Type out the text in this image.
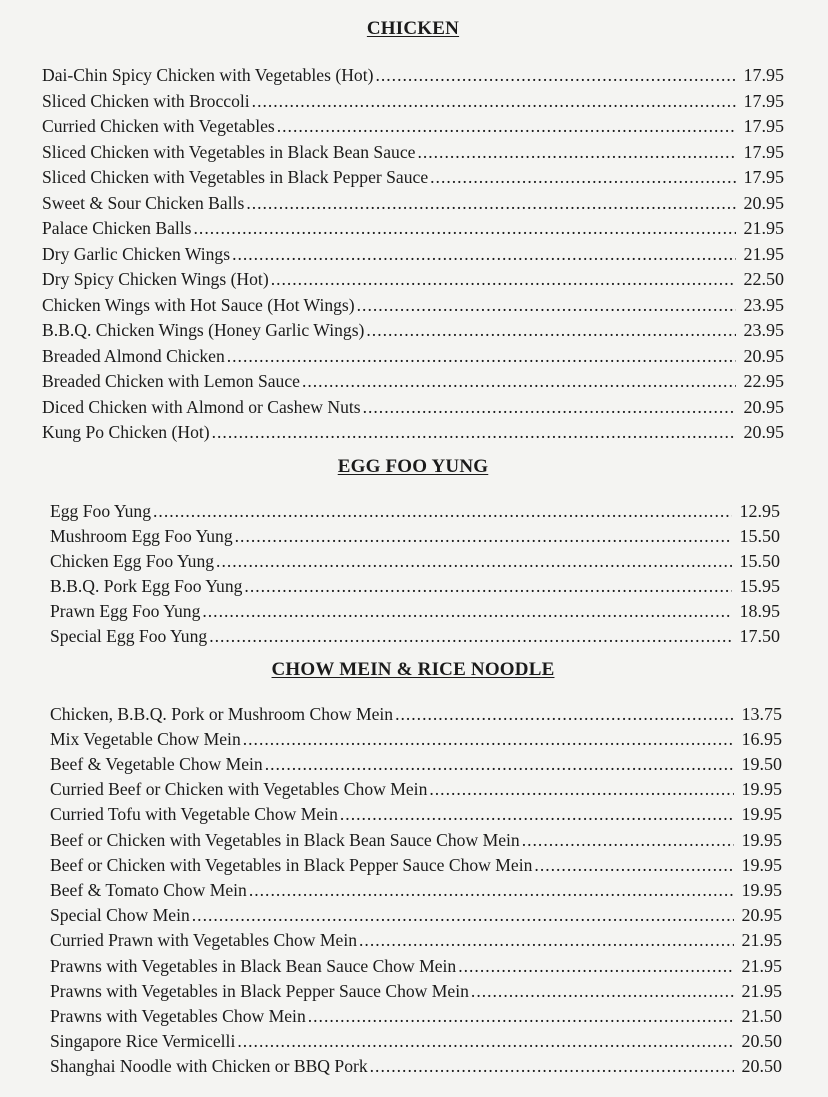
CHICKEN
Dai-Chin Spicy Chicken with Vegetables (Hot) .....	17.95
Sliced Chicken with Broccoli .....	17.95
Curried Chicken with Vegetables .....	17.95
Sliced Chicken with Vegetables in Black Bean Sauce .....	17.95
Sliced Chicken with Vegetables in Black Pepper Sauce .....	17.95
Sweet & Sour Chicken Balls .....	20.95
Palace Chicken Balls .....	21.95
Dry Garlic Chicken Wings .....	21.95
Dry Spicy Chicken Wings (Hot) .....	22.50
Chicken Wings with Hot Sauce (Hot Wings) .....	23.95
B.B.Q. Chicken Wings (Honey Garlic Wings) .....	23.95
Breaded Almond Chicken .....	20.95
Breaded Chicken with Lemon Sauce .....	22.95
Diced Chicken with Almond or Cashew Nuts .....	20.95
Kung Po Chicken (Hot) .....	20.95
EGG FOO YUNG
Egg Foo Yung .....	12.95
Mushroom Egg Foo Yung .....	15.50
Chicken Egg Foo Yung .....	15.50
B.B.Q. Pork Egg Foo Yung .....	15.95
Prawn Egg Foo Yung .....	18.95
Special Egg Foo Yung .....	17.50
CHOW MEIN & RICE NOODLE
Chicken, B.B.Q. Pork or Mushroom Chow Mein .....	13.75
Mix Vegetable Chow Mein .....	16.95
Beef & Vegetable Chow Mein .....	19.50
Curried Beef or Chicken with Vegetables Chow Mein .....	19.95
Curried Tofu with Vegetable Chow Mein .....	19.95
Beef or Chicken with Vegetables in Black Bean Sauce Chow Mein .....	19.95
Beef or Chicken with Vegetables in Black Pepper Sauce Chow Mein .....	19.95
Beef & Tomato Chow Mein .....	19.95
Special Chow Mein .....	20.95
Curried Prawn with Vegetables Chow Mein .....	21.95
Prawns with Vegetables in Black Bean Sauce Chow Mein .....	21.95
Prawns with Vegetables in Black Pepper Sauce Chow Mein .....	21.95
Prawns with Vegetables Chow Mein .....	21.50
Singapore Rice Vermicelli .....	20.50
Shanghai Noodle with Chicken or BBQ Pork .....	20.50
